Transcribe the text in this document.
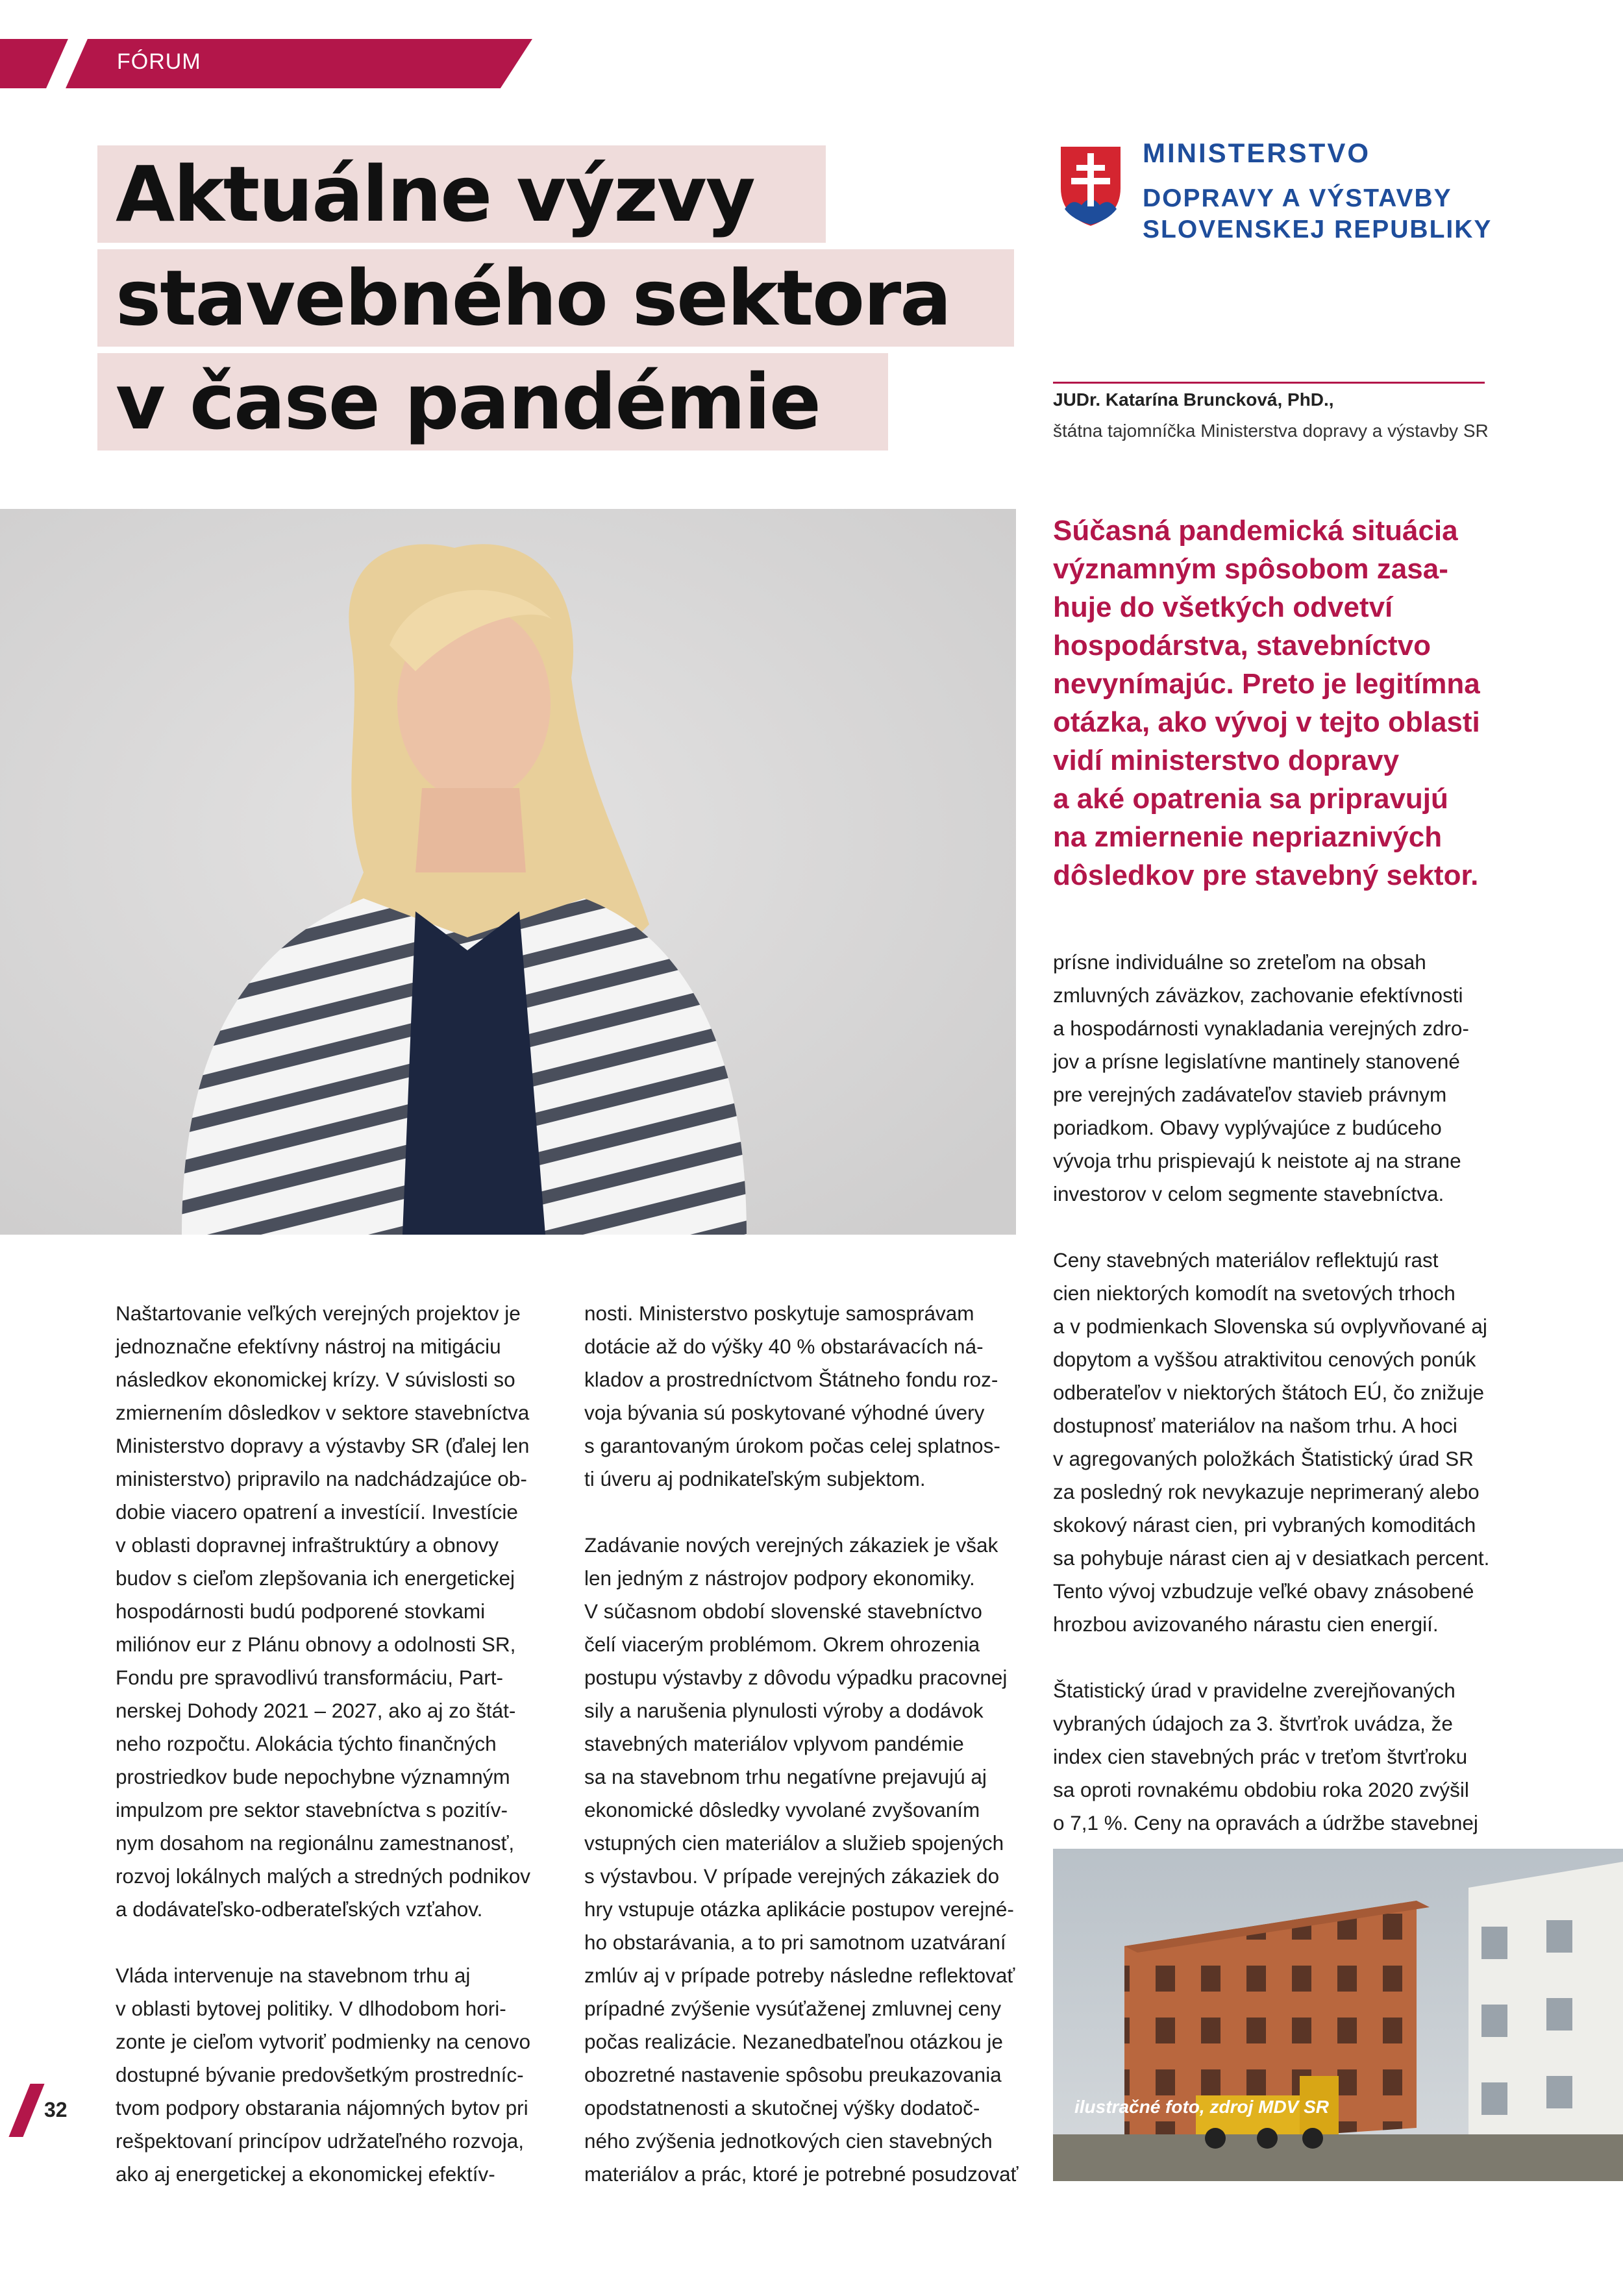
FÓRUM
Aktuálne výzvy
stavebného sektora
v čase pandémie
MINISTERSTVO
DOPRAVY A VÝSTAVBY
SLOVENSKEJ REPUBLIKY
JUDr. Katarína Bruncková, PhD.,
štátna tajomníčka Ministerstva dopravy a výstavby SR
Súčasná pandemická situácia
významným spôsobom zasa-
huje do všetkých odvetví
hospodárstva, stavebníctvo
nevynímajúc. Preto je legitímna
otázka, ako vývoj v tejto oblasti
vidí ministerstvo dopravy
a aké opatrenia sa pripravujú
na zmiernenie nepriaznivých
dôsledkov pre stavebný sektor.

Naštartovanie veľkých verejných projektov je
jednoznačne efektívny nástroj na mitigáciu
následkov ekonomickej krízy. V súvislosti so
zmiernením dôsledkov v sektore stavebníctva
Ministerstvo dopravy a výstavby SR (ďalej len
ministerstvo) pripravilo na nadchádzajúce ob-
dobie viacero opatrení a investícií. Investície
v oblasti dopravnej infraštruktúry a obnovy
budov s cieľom zlepšovania ich energetickej
hospodárnosti budú podporené stovkami
miliónov eur z Plánu obnovy a odolnosti SR,
Fondu pre spravodlivú transformáciu, Part-
nerskej Dohody 2021 – 2027, ako aj zo štát-
neho rozpočtu. Alokácia týchto finančných
prostriedkov bude nepochybne významným
impulzom pre sektor stavebníctva s pozitív-
nym dosahom na regionálnu zamestnanosť,
rozvoj lokálnych malých a stredných podnikov
a dodávateľsko-odberateľských vzťahov.

Vláda intervenuje na stavebnom trhu aj
v oblasti bytovej politiky. V dlhodobom hori-
zonte je cieľom vytvoriť podmienky na cenovo
dostupné bývanie predovšetkým prostredníc-
tvom podpory obstarania nájomných bytov pri
rešpektovaní princípov udržateľného rozvoja,
ako aj energetickej a ekonomickej efektív-

nosti. Ministerstvo poskytuje samosprávam
dotácie až do výšky 40 % obstarávacích ná-
kladov a prostredníctvom Štátneho fondu roz-
voja bývania sú poskytované výhodné úvery
s garantovaným úrokom počas celej splatnos-
ti úveru aj podnikateľským subjektom.

Zadávanie nových verejných zákaziek je však
len jedným z nástrojov podpory ekonomiky.
V súčasnom období slovenské stavebníctvo
čelí viacerým problémom. Okrem ohrozenia
postupu výstavby z dôvodu výpadku pracovnej
sily a narušenia plynulosti výroby a dodávok
stavebných materiálov vplyvom pandémie
sa na stavebnom trhu negatívne prejavujú aj
ekonomické dôsledky vyvolané zvyšovaním
vstupných cien materiálov a služieb spojených
s výstavbou. V prípade verejných zákaziek do
hry vstupuje otázka aplikácie postupov verejné-
ho obstarávania, a to pri samotnom uzatváraní
zmlúv aj v prípade potreby následne reflektovať
prípadné zvýšenie vysúťaženej zmluvnej ceny
počas realizácie. Nezanedbateľnou otázkou je
obozretné nastavenie spôsobu preukazovania
opodstatnenosti a skutočnej výšky dodatoč-
ného zvýšenia jednotkových cien stavebných
materiálov a prác, ktoré je potrebné posudzovať

prísne individuálne so zreteľom na obsah
zmluvných záväzkov, zachovanie efektívnosti
a hospodárnosti vynakladania verejných zdro-
jov a prísne legislatívne mantinely stanovené
pre verejných zadávateľov stavieb právnym
poriadkom. Obavy vyplývajúce z budúceho
vývoja trhu prispievajú k neistote aj na strane
investorov v celom segmente stavebníctva.

Ceny stavebných materiálov reflektujú rast
cien niektorých komodít na svetových trhoch
a v podmienkach Slovenska sú ovplyvňované aj
dopytom a vyššou atraktivitou cenových ponúk
odberateľov v niektorých štátoch EÚ, čo znižuje
dostupnosť materiálov na našom trhu. A hoci
v agregovaných položkách Štatistický úrad SR
za posledný rok nevykazuje neprimeraný alebo
skokový nárast cien, pri vybraných komoditách
sa pohybuje nárast cien aj v desiatkach percent.
Tento vývoj vzbudzuje veľké obavy znásobené
hrozbou avizovaného nárastu cien energií.

Štatistický úrad v pravidelne zverejňovaných
vybraných údajoch za 3. štvrťrok uvádza, že
index cien stavebných prác v treťom štvrťroku
sa oproti rovnakému obdobiu roka 2020 zvýšil
o 7,1 %. Ceny na opravách a údržbe stavebnej

ilustračné foto, zdroj MDV SR
32
